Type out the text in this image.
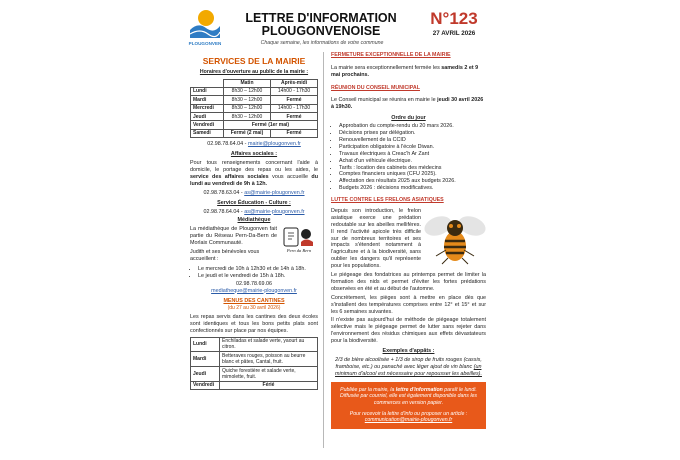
PLOUGONVEN
LETTRE D'INFORMATION PLOUGONVENOISE
Chaque semaine, les informations de votre commune
N°123
27 AVRIL 2026
SERVICES DE LA MAIRIE
Horaires d'ouverture au public de la mairie :
	Matin	Après-midi
Lundi	8h30 – 12h00	14h00 - 17h30
Mardi	8h30 – 12h00	Fermé
Mercredi	8h30 – 12h00	14h00 - 17h30
Jeudi	8h30 – 12h00	Fermé
Vendredi	Fermé (1er mai)	
Samedi	Fermé (2 mai)	Fermé

02.98.78.64.04 - mairie@plougonven.fr

Affaires sociales :

Pour tous renseignements concernant l'aide à domicile, le portage des repas ou les aides, le service des affaires sociales vous accueille du lundi au vendredi de 9h à 12h.

02.98.78.63.04 - as@mairie-plougonven.fr

Service Éducation - Culture :

02.98.78.64.04 - as@mairie-plougonven.fr

Médiathèque

La médiathèque de Plougonven fait partie du Réseau Pern-Da-Bern de Morlaix Communauté.

Judith et ses bénévoles vous accueillent :

Pern da Bern
• Le mercredi de 10h à 12h30 et de 14h à 18h.
• Le jeudi et le vendredi de 15h à 18h.

02.98.78.69.06

mediatheque@mairie-plougonven.fr

MENUS DES CANTINES
(du 27 au 30 avril 2026)

Les repas servis dans les cantines des deux écoles sont identiques et tous les bons petits plats sont confectionnés sur place par nos équipes.

Lundi	Enchiladas et salade verte, yaourt au citron.
Mardi	Betteraves rouges, poisson au beurre blanc et pâtes, Cantal, fruit.
Jeudi	Quiche forestière et salade verte, mimolette, fruit.
Vendredi	Férié
FERMETURE EXCEPTIONNELLE DE LA MAIRIE

La mairie sera exceptionnellement fermée les samedis 2 et 9 mai prochains.

RÉUNION DU CONSEIL MUNICIPAL

Le Conseil municipal se réunira en mairie le jeudi 30 avril 2026 à 19h30.

Ordre du jour
• Approbation du compte-rendu du 20 mars 2026.
• Décisions prises par délégation.
• Renouvellement de la CCID
• Participation obligatoire à l'école Diwan.
• Travaux électriques à Creac'h Ar Zant
• Achat d'un véhicule électrique.
• Tarifs : location des cabinets des médecins
• Comptes financiers uniques (CFU 2025).
• Affectation des résultats 2025 aux budgets 2026.
• Budgets 2026 : décisions modificatives.
LUTTE CONTRE LES FRELONS ASIATIQUES

Depuis son introduction, le frelon asiatique exerce une prédation redoutable sur les abeilles mellifères. Il rend l'activité apicole très difficile sur de nombreux territoires et ses impacts s'étendent notamment à l'agriculture et à la biodiversité, sans oublier les dangers qu'il représente pour les populations.

Le piégeage des fondatrices au printemps permet de limiter la formation des nids et permet d'éviter les fortes prédations observées en été et au début de l'automne.

Concrètement, les pièges sont à mettre en place dès que s'installent des températures comprises entre 12° et 15° et sur les 6 semaines suivantes.

Il n'existe pas aujourd'hui de méthode de piégeage totalement sélective mais le piégeage permet de lutter sans rejeter dans l'environnement des résidus chimiques aux effets dévastateurs pour la biodiversité.

Exemples d'appâts :

2/3 de bière alcoolisée + 1/3 de sirop de fruits rouges (cassis, framboise, etc.) ou panaché avec léger ajout de vin blanc (un minimum d'alcool est nécessaire pour repousser les abeilles).

Publiée par la mairie, la lettre d'information paraît le lundi. Diffusée par courriel, elle est également disponible dans les commerces en version papier.
Pour recevoir la lettre d'info ou proposer un article :
communication@mairie-plougonven.fr
